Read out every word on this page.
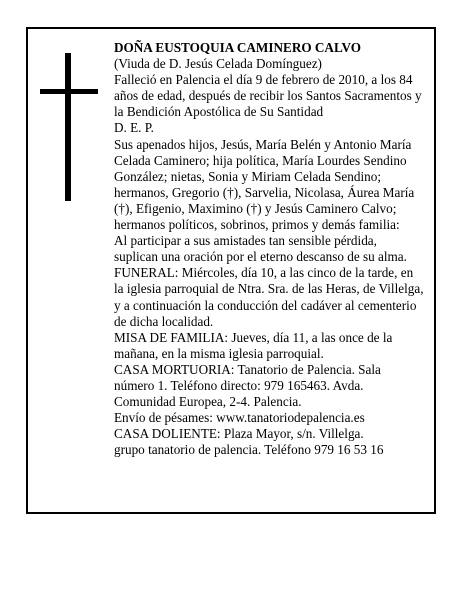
DOÑA EUSTOQUIA CAMINERO CALVO

(Viuda de D. Jesús Celada Domínguez)

Falleció en Palencia el día 9 de febrero de 2010, a los 84 años de edad, después de recibir los Santos Sacramentos y la Bendición Apostólica de Su Santidad

D. E. P.

Sus apenados hijos, Jesús, María Belén y Antonio María Celada Caminero; hija política, María Lourdes Sendino González; nietas, Sonia y Miriam Celada Sendino; hermanos, Gregorio (†), Sarvelia, Nicolasa, Áurea María (†), Efigenio, Maximino (†) y Jesús Caminero Calvo; hermanos políticos, sobrinos, primos y demás familia:

Al participar a sus amistades tan sensible pérdida, suplican una oración por el eterno descanso de su alma.

FUNERAL: Miércoles, día 10, a las cinco de la tarde, en la iglesia parroquial de Ntra. Sra. de las Heras, de Villelga, y a continuación la conducción del cadáver al cementerio de dicha localidad.

MISA DE FAMILIA: Jueves, día 11, a las once de la mañana, en la misma iglesia parroquial.

CASA MORTUORIA: Tanatorio de Palencia. Sala número 1. Teléfono directo: 979 165463. Avda. Comunidad Europea, 2-4. Palencia.

Envío de pésames: www.tanatoriodepalencia.es

CASA DOLIENTE: Plaza Mayor, s/n. Villelga.

grupo tanatorio de palencia. Teléfono 979 16 53 16
